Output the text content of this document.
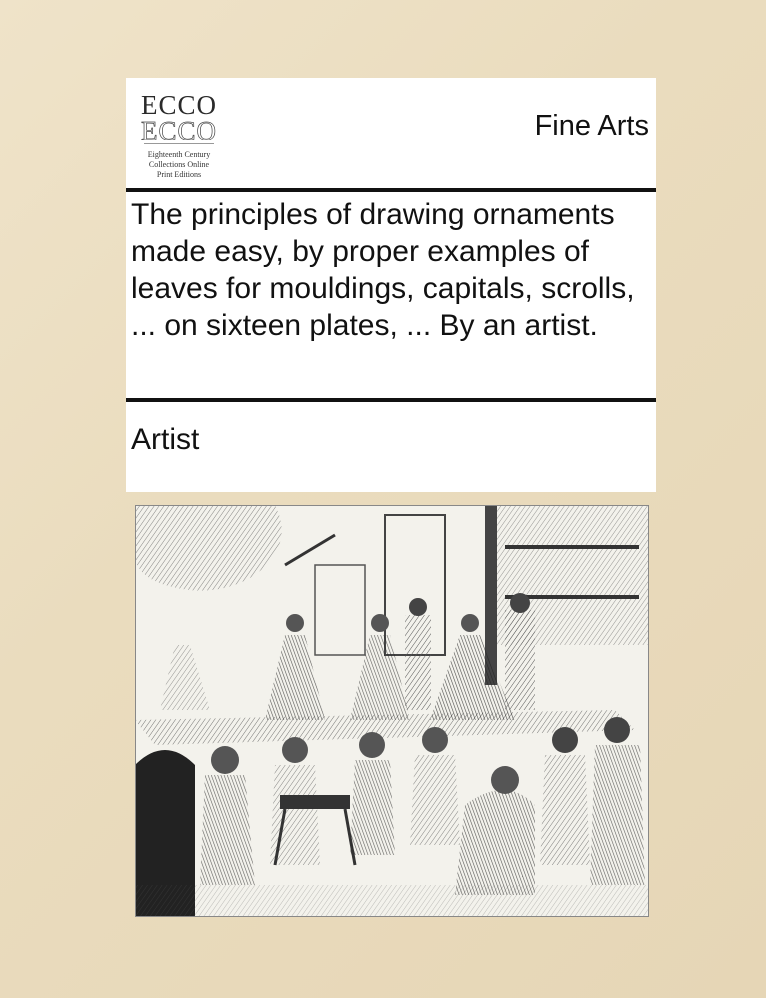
ECCO
ECCO
Eighteenth Century
Collections Online
Print Editions
Fine Arts
The principles of drawing ornaments made easy, by proper examples of leaves for mouldings, capitals, scrolls, ... on sixteen plates, ... By an artist.
Artist
